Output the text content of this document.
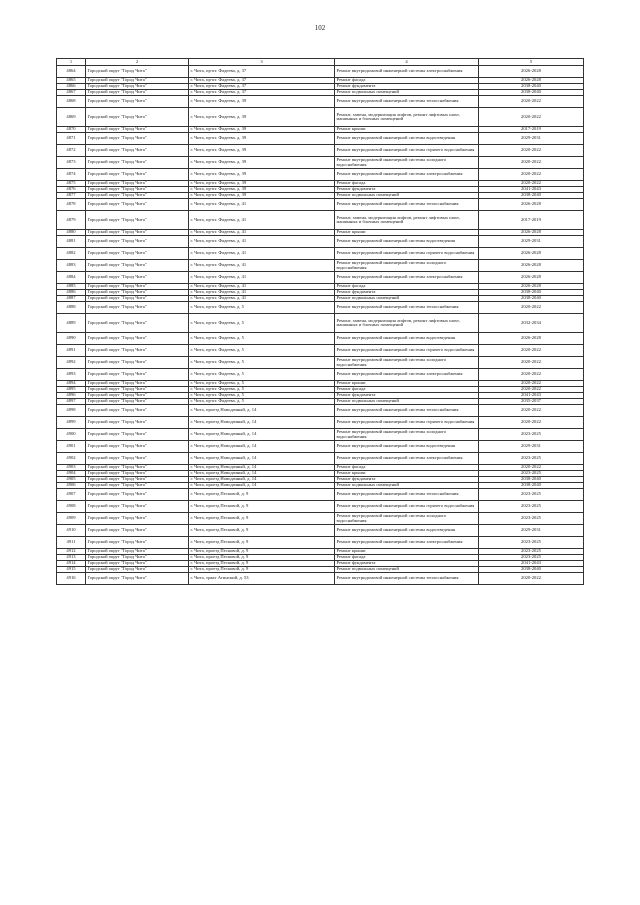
102
1	2	3	4	5
4864	Городской округ "Город Чита"	г. Чита, пр-кт. Фадеева, д. 37	Ремонт внутридомовой инженерной системы электроснабжения	2026-2028
4865	Городской округ "Город Чита"	г. Чита, пр-кт. Фадеева, д. 37	Ремонт фасада	2026-2028
4866	Городской округ "Город Чита"	г. Чита, пр-кт. Фадеева, д. 37	Ремонт фундамента	2038-2040
4867	Городской округ "Город Чита"	г. Чита, пр-кт. Фадеева, д. 37	Ремонт подвальных помещений	2038-2040
4868	Городской округ "Город Чита"	г. Чита, пр-кт. Фадеева, д. 39	Ремонт внутридомовой инженерной системы теплоснабжения	2020-2022
4869	Городской округ "Город Чита"	г. Чита, пр-кт. Фадеева, д. 39	Ремонт, замена, модернизация лифтов, ремонт лифтовых шахт, машинных и блочных помещений	2020-2022
4870	Городской округ "Город Чита"	г. Чита, пр-кт. Фадеева, д. 39	Ремонт крыши	2017-2019
4871	Городской округ "Город Чита"	г. Чита, пр-кт. Фадеева, д. 39	Ремонт внутридомовой инженерной системы водоотведения	2029-2031
4872	Городской округ "Город Чита"	г. Чита, пр-кт. Фадеева, д. 39	Ремонт внутридомовой инженерной системы горячего водоснабжения	2020-2022
4873	Городской округ "Город Чита"	г. Чита, пр-кт. Фадеева, д. 39	Ремонт внутридомовой инженерной системы холодного водоснабжения	2020-2022
4874	Городской округ "Город Чита"	г. Чита, пр-кт. Фадеева, д. 39	Ремонт внутридомовой инженерной системы электроснабжения	2020-2022
4875	Городской округ "Город Чита"	г. Чита, пр-кт. Фадеева, д. 39	Ремонт фасада	2020-2022
4876	Городской округ "Город Чита"	г. Чита, пр-кт. Фадеева, д. 39	Ремонт фундамента	2041-2043
4877	Городской округ "Город Чита"	г. Чита, пр-кт. Фадеева, д. 39	Ремонт подвальных помещений	2038-2040
4878	Городской округ "Город Чита"	г. Чита, пр-кт. Фадеева, д. 41	Ремонт внутридомовой инженерной системы теплоснабжения	2026-2028
4879	Городской округ "Город Чита"	г. Чита, пр-кт. Фадеева, д. 41	Ремонт, замена, модернизация лифтов, ремонт лифтовых шахт, машинных и блочных помещений	2017-2019
4880	Городской округ "Город Чита"	г. Чита, пр-кт. Фадеева, д. 41	Ремонт крыши	2026-2028
4881	Городской округ "Город Чита"	г. Чита, пр-кт. Фадеева, д. 41	Ремонт внутридомовой инженерной системы водоотведения	2029-2031
4882	Городской округ "Город Чита"	г. Чита, пр-кт. Фадеева, д. 41	Ремонт внутридомовой инженерной системы горячего водоснабжения	2026-2028
4883	Городской округ "Город Чита"	г. Чита, пр-кт. Фадеева, д. 41	Ремонт внутридомовой инженерной системы холодного водоснабжения	2026-2028
4884	Городской округ "Город Чита"	г. Чита, пр-кт. Фадеева, д. 41	Ремонт внутридомовой инженерной системы электроснабжения	2026-2028
4885	Городской округ "Город Чита"	г. Чита, пр-кт. Фадеева, д. 41	Ремонт фасада	2026-2028
4886	Городской округ "Город Чита"	г. Чита, пр-кт. Фадеева, д. 41	Ремонт фундамента	2038-2040
4887	Городской округ "Город Чита"	г. Чита, пр-кт. Фадеева, д. 41	Ремонт подвальных помещений	2038-2040
4888	Городской округ "Город Чита"	г. Чита, пр-кт. Фадеева, д. 5	Ремонт внутридомовой инженерной системы теплоснабжения	2020-2022
4889	Городской округ "Город Чита"	г. Чита, пр-кт. Фадеева, д. 5	Ремонт, замена, модернизация лифтов, ремонт лифтовых шахт, машинных и блочных помещений	2032-2034
4890	Городской округ "Город Чита"	г. Чита, пр-кт. Фадеева, д. 5	Ремонт внутридомовой инженерной системы водоотведения	2026-2028
4891	Городской округ "Город Чита"	г. Чита, пр-кт. Фадеева, д. 5	Ремонт внутридомовой инженерной системы горячего водоснабжения	2020-2022
4892	Городской округ "Город Чита"	г. Чита, пр-кт. Фадеева, д. 5	Ремонт внутридомовой инженерной системы холодного водоснабжения	2020-2022
4893	Городской округ "Город Чита"	г. Чита, пр-кт. Фадеева, д. 5	Ремонт внутридомовой инженерной системы электроснабжения	2020-2022
4894	Городской округ "Город Чита"	г. Чита, пр-кт. Фадеева, д. 5	Ремонт крыши	2020-2022
4895	Городской округ "Город Чита"	г. Чита, пр-кт. Фадеева, д. 5	Ремонт фасада	2020-2022
4896	Городской округ "Город Чита"	г. Чита, пр-кт. Фадеева, д. 5	Ремонт фундамента	2041-2043
4897	Городской округ "Город Чита"	г. Чита, пр-кт. Фадеева, д. 5	Ремонт подвальных помещений	2035-2037
4898	Городской округ "Город Чита"	г. Чита, проезд Новодачный, д. 14	Ремонт внутридомовой инженерной системы теплоснабжения	2020-2022
4899	Городской округ "Город Чита"	г. Чита, проезд Новодачный, д. 14	Ремонт внутридомовой инженерной системы горячего водоснабжения	2020-2022
4900	Городской округ "Город Чита"	г. Чита, проезд Новодачный, д. 14	Ремонт внутридомовой инженерной системы холодного водоснабжения	2023-2025
4901	Городской округ "Город Чита"	г. Чита, проезд Новодачный, д. 14	Ремонт внутридомовой инженерной системы водоотведения	2029-2031
4902	Городской округ "Город Чита"	г. Чита, проезд Новодачный, д. 14	Ремонт внутридомовой инженерной системы электроснабжения	2023-2025
4903	Городской округ "Город Чита"	г. Чита, проезд Новодачный, д. 14	Ремонт фасада	2020-2022
4904	Городской округ "Город Чита"	г. Чита, проезд Новодачный, д. 14	Ремонт крыши	2023-2025
4905	Городской округ "Город Чита"	г. Чита, проезд Новодачный, д. 14	Ремонт фундамента	2038-2040
4906	Городской округ "Город Чита"	г. Чита, проезд Новодачный, д. 14	Ремонт подвальных помещений	2038-2040
4907	Городской округ "Город Чита"	г. Чита, проезд Песковой, д. 9	Ремонт внутридомовой инженерной системы теплоснабжения	2023-2025
4908	Городской округ "Город Чита"	г. Чита, проезд Песковой, д. 9	Ремонт внутридомовой инженерной системы горячего водоснабжения	2023-2025
4909	Городской округ "Город Чита"	г. Чита, проезд Песковой, д. 9	Ремонт внутридомовой инженерной системы холодного водоснабжения	2023-2025
4910	Городской округ "Город Чита"	г. Чита, проезд Песковой, д. 9	Ремонт внутридомовой инженерной системы водоотведения	2029-2031
4911	Городской округ "Город Чита"	г. Чита, проезд Песковой, д. 9	Ремонт внутридомовой инженерной системы электроснабжения	2023-2025
4912	Городской округ "Город Чита"	г. Чита, проезд Песковой, д. 9	Ремонт крыши	2023-2025
4913	Городской округ "Город Чита"	г. Чита, проезд Песковой, д. 9	Ремонт фасада	2023-2025
4914	Городской округ "Город Чита"	г. Чита, проезд Песковой, д. 9	Ремонт фундамента	2041-2043
4915	Городской округ "Город Чита"	г. Чита, проезд Песковой, д. 9	Ремонт подвальных помещений	2038-2040
4916	Городской округ "Город Чита"	г. Чита, тракт Агинский, д. 53	Ремонт внутридомовой инженерной системы теплоснабжения	2020-2022
